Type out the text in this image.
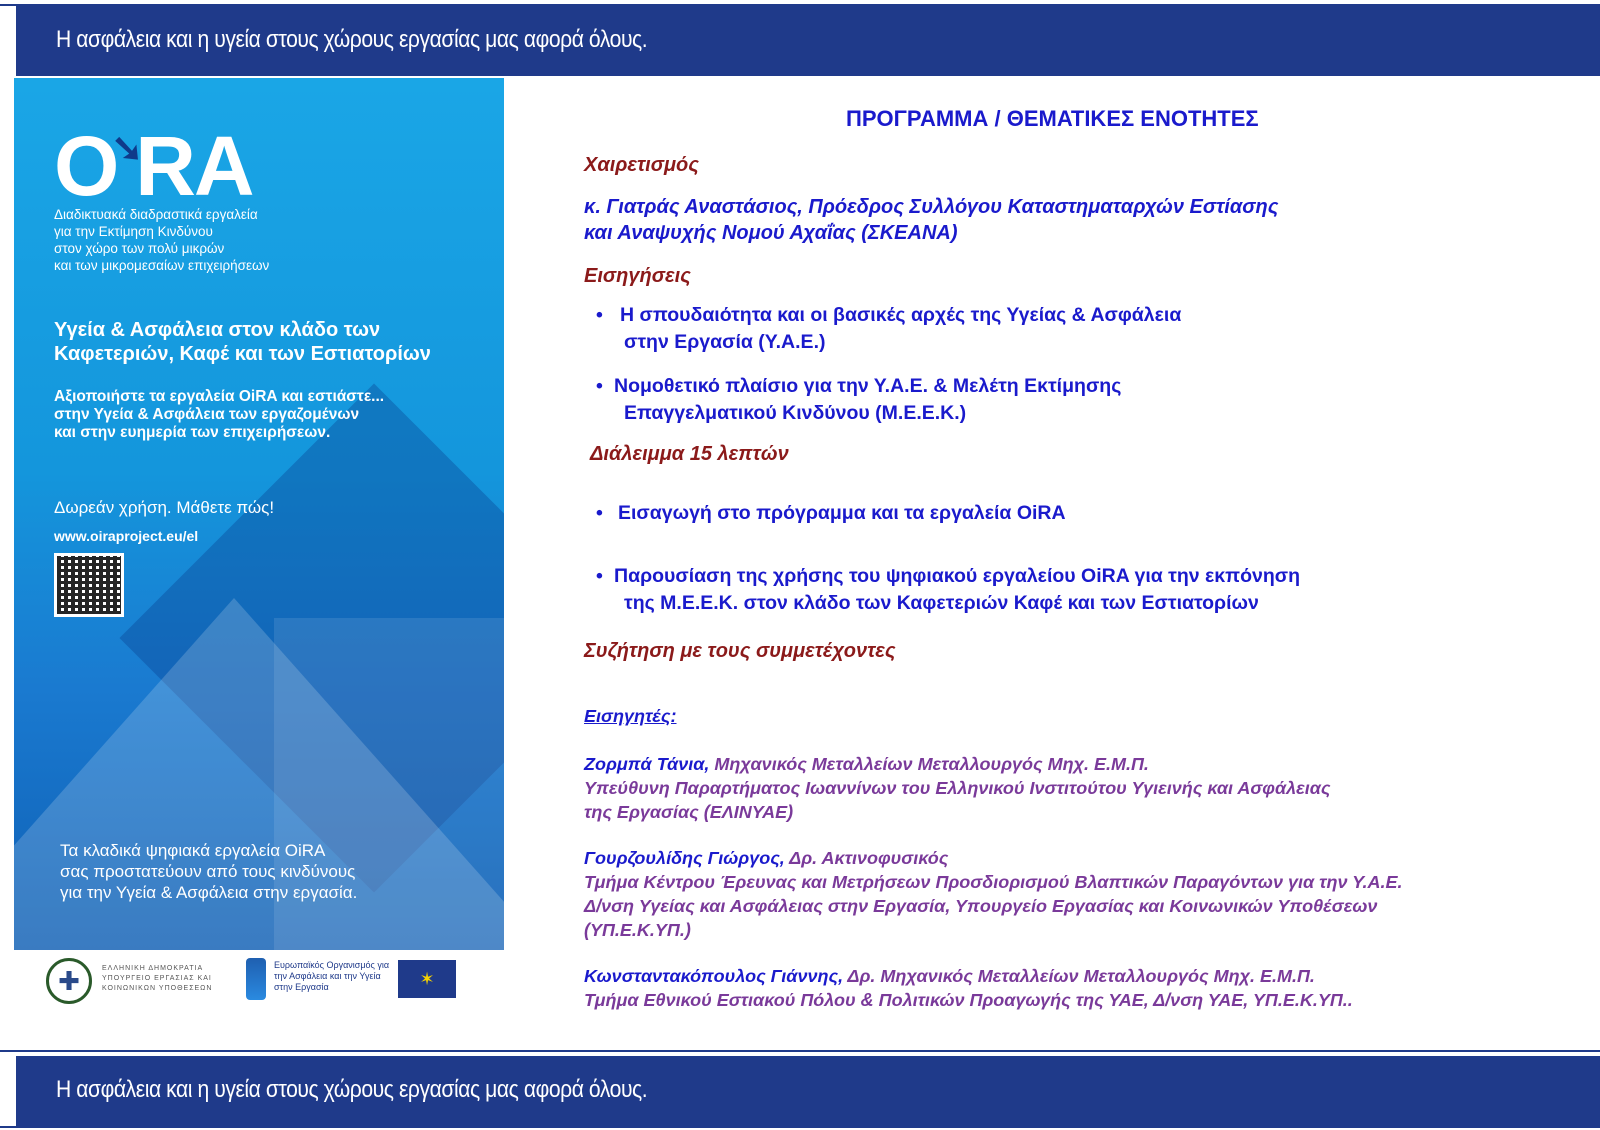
Η ασφάλεια και η υγεία στους χώρους εργασίας μας αφορά όλους.
O➘RA
Διαδικτυακά διαδραστικά εργαλεία
για την Εκτίμηση Κινδύνου
στον χώρο των πολύ μικρών
και των μικρομεσαίων επιχειρήσεων
Υγεία & Ασφάλεια στον κλάδο των
Καφετεριών, Καφέ και των Εστιατορίων
Αξιοποιήστε τα εργαλεία OiRA και εστιάστε...
στην Υγεία & Ασφάλεια των εργαζομένων
και στην ευημερία των επιχειρήσεων.
Δωρεάν χρήση. Μάθετε πώς!
www.oiraproject.eu/el
Τα κλαδικά ψηφιακά εργαλεία OiRA
σας προστατεύουν από τους κινδύνους
για την Υγεία & Ασφάλεια στην εργασία.
✚	ΕΛΛΗΝΙΚΗ ΔΗΜΟΚΡΑΤΙΑ ΥΠΟΥΡΓΕΙΟ ΕΡΓΑΣΙΑΣ ΚΑΙ ΚΟΙΝΩΝΙΚΩΝ ΥΠΟΘΕΣΕΩΝ
Ευρωπαϊκός Οργανισμός για την Ασφάλεια και την Υγεία στην Εργασία	✶
ΠΡΟΓΡΑΜΜΑ / ΘΕΜΑΤΙΚΕΣ ΕΝΟΤΗΤΕΣ
Χαιρετισμός
κ. Γιατράς Αναστάσιος, Πρόεδρος Συλλόγου Καταστηματαρχών Εστίασης
και Αναψυχής Νομού Αχαΐας (ΣΚΕΑΝΑ)
Εισηγήσεις
• Η σπουδαιότητα και οι βασικές αρχές της Υγείας & Ασφάλεια
στην Εργασία (Υ.Α.Ε.)
• Νομοθετικό πλαίσιο για την Υ.Α.Ε. & Μελέτη Εκτίμησης
Επαγγελματικού Κινδύνου (Μ.Ε.Ε.Κ.)
Διάλειμμα 15 λεπτών
• Εισαγωγή στο πρόγραμμα και τα εργαλεία OiRA
• Παρουσίαση της χρήσης του ψηφιακού εργαλείου OiRA για την εκπόνηση
της Μ.Ε.Ε.Κ. στον κλάδο των Καφετεριών Καφέ και των Εστιατορίων
Συζήτηση με τους συμμετέχοντες
Εισηγητές:
Ζορμπά Τάνια, Μηχανικός Μεταλλείων Μεταλλουργός Μηχ. Ε.Μ.Π.
Υπεύθυνη Παραρτήματος Ιωαννίνων του Ελληνικού Ινστιτούτου Υγιεινής και Ασφάλειας
της Εργασίας (ΕΛΙΝΥΑΕ)
Γουρζουλίδης Γιώργος, Δρ. Ακτινοφυσικός
Τμήμα Κέντρου Έρευνας και Μετρήσεων Προσδιορισμού Βλαπτικών Παραγόντων για την Υ.Α.Ε.
Δ/νση Υγείας και Ασφάλειας στην Εργασία, Υπουργείο Εργασίας και Κοινωνικών Υποθέσεων
(ΥΠ.Ε.Κ.ΥΠ.)
Κωνσταντακόπουλος Γιάννης, Δρ. Μηχανικός Μεταλλείων Μεταλλουργός Μηχ. Ε.Μ.Π.
Τμήμα Εθνικού Εστιακού Πόλου & Πολιτικών Προαγωγής της ΥΑΕ, Δ/νση ΥΑΕ, ΥΠ.Ε.Κ.ΥΠ..
Η ασφάλεια και η υγεία στους χώρους εργασίας μας αφορά όλους.
